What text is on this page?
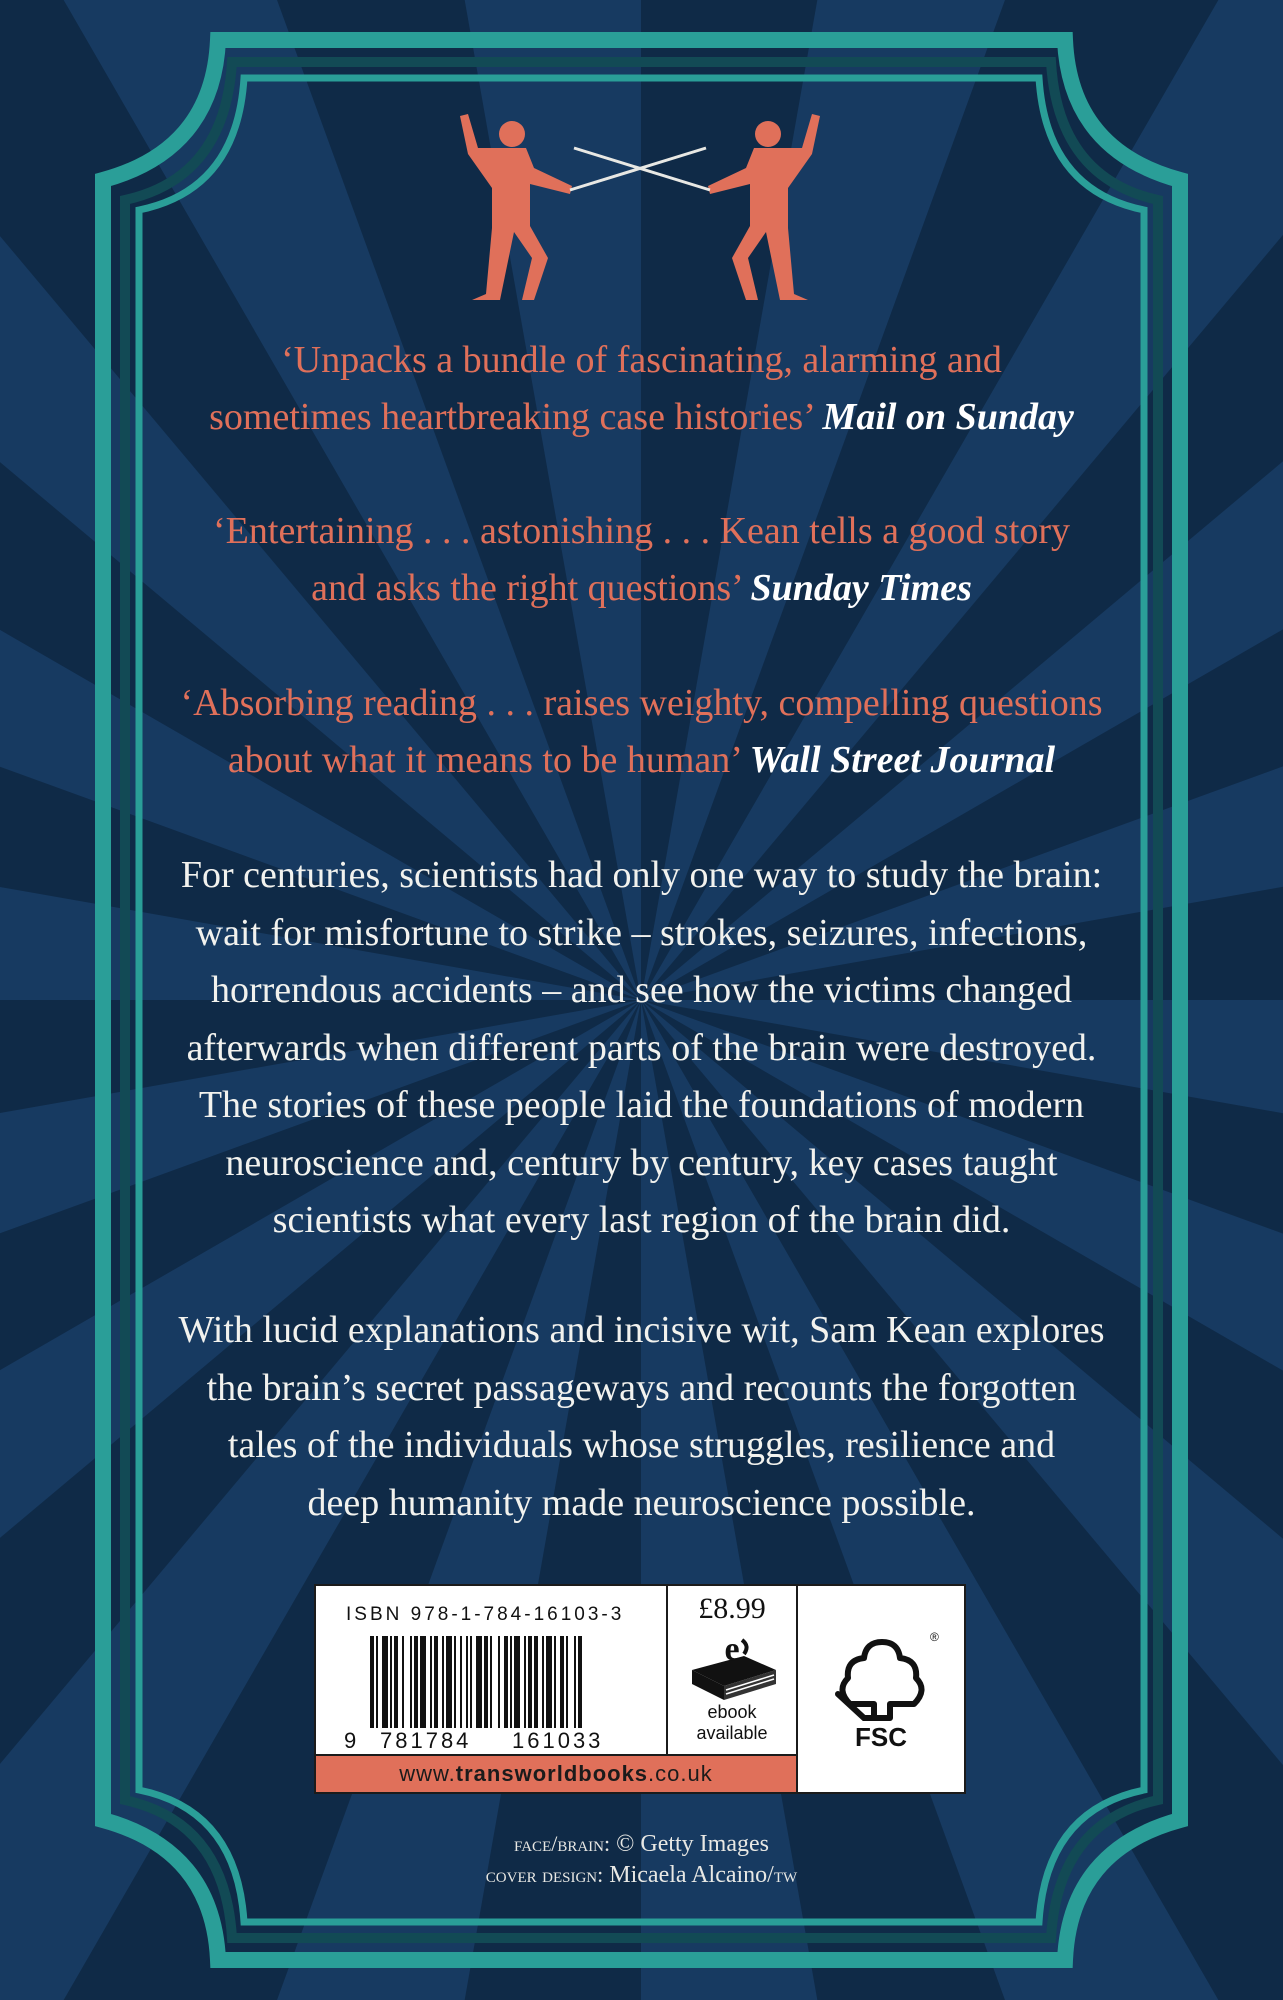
‘Unpacks a bundle of fascinating, alarming and
sometimes heartbreaking case histories’ Mail on Sunday

‘Entertaining . . . astonishing . . . Kean tells a good story
and asks the right questions’ Sunday Times

‘Absorbing reading . . . raises weighty, compelling questions
about what it means to be human’ Wall Street Journal

For centuries, scientists had only one way to study the brain:
wait for misfortune to strike – strokes, seizures, infections,
horrendous accidents – and see how the victims changed
afterwards when different parts of the brain were destroyed.
The stories of these people laid the foundations of modern
neuroscience and, century by century, key cases taught
scientists what every last region of the brain did.

With lucid explanations and incisive wit, Sam Kean explores
the brain’s secret passageways and recounts the forgotten
tales of the individuals whose struggles, resilience and
deep humanity made neuroscience possible.

ISBN 978-1-784-16103-3
9 781784 161033
£8.99
e
ebook
available
®
FSC
www.transworldbooks.co.uk
face/brain: © Getty Images
cover design: Micaela Alcaino/tw
